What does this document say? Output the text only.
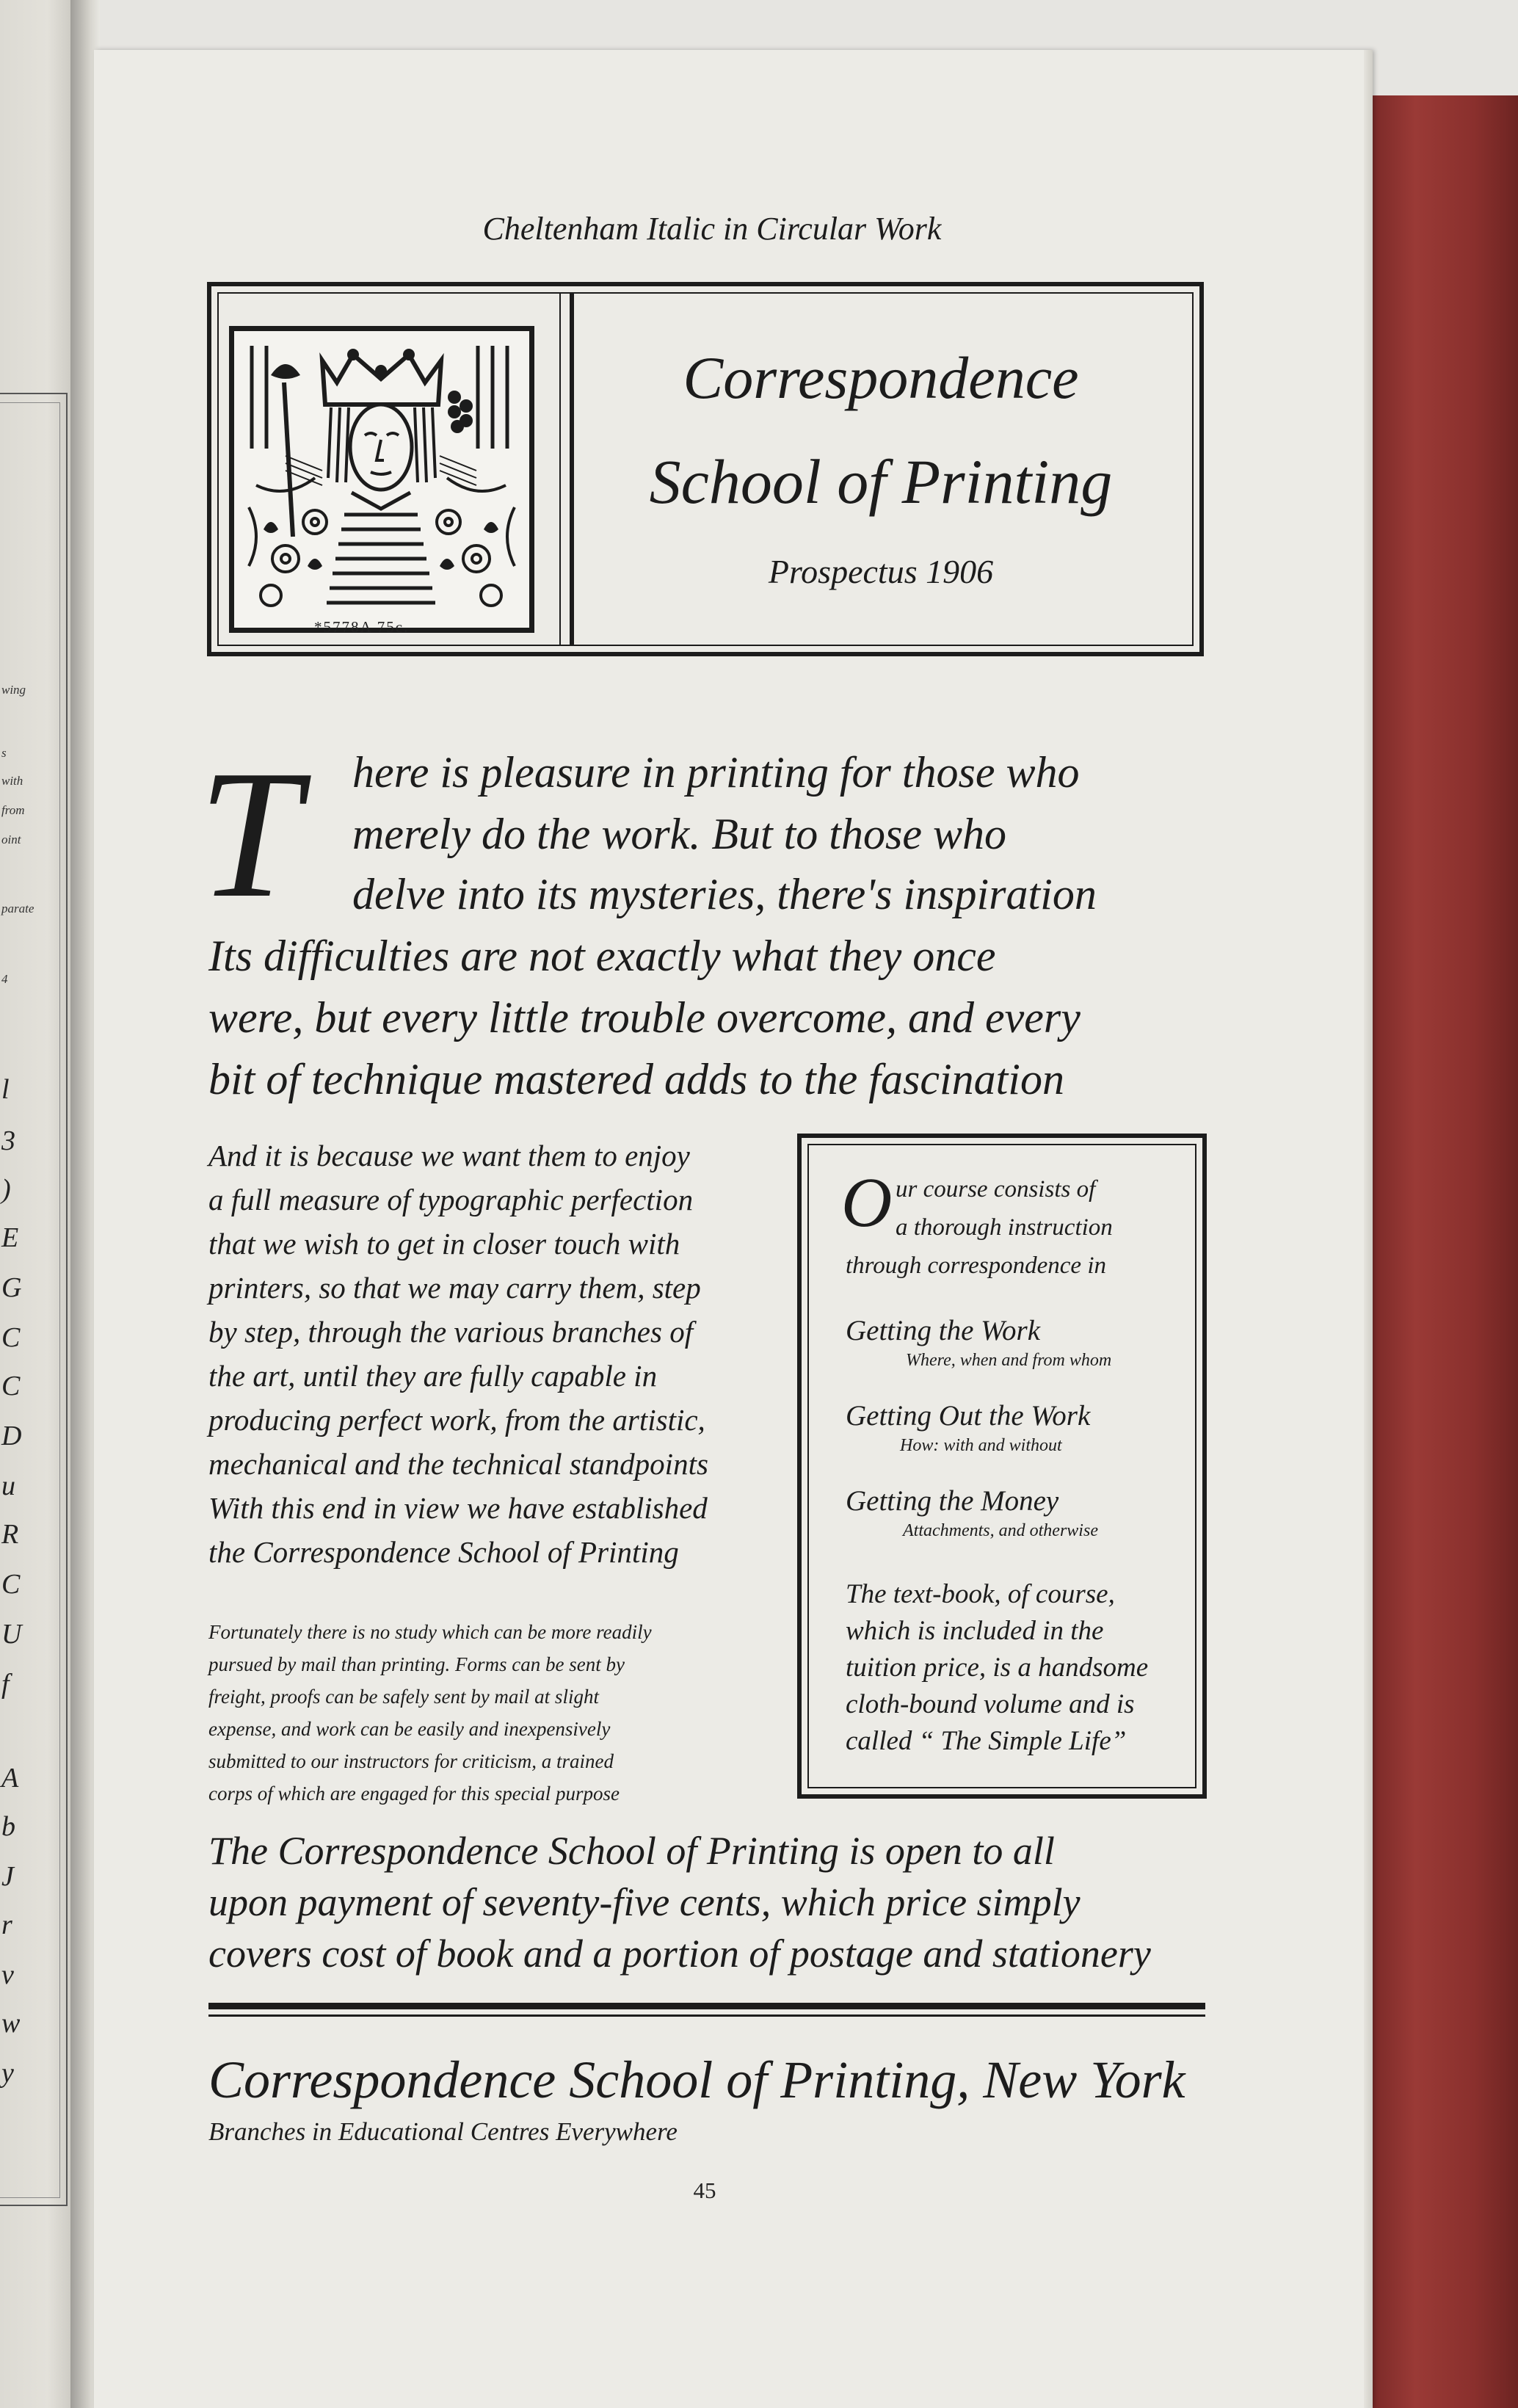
wing
s
with
from
oint
parate
4
l
3
)
E
G
C
C
D
u
R
C
U
f
A
b
J
r
v
w
y
Cheltenham Italic in Circular Work
*5778A 75c.
Correspondence
School of Printing
Prospectus 1906
T here is pleasure in printing for those who
merely do the work. But to those who
delve into its mysteries, there's inspiration
Its difficulties are not exactly what they once
were, but every little trouble overcome, and every
bit of technique mastered adds to the fascination
And it is because we want them to enjoy
a full measure of typographic perfection
that we wish to get in closer touch with
printers, so that we may carry them, step
by step, through the various branches of
the art, until they are fully capable in
producing perfect work, from the artistic,
mechanical and the technical standpoints
With this end in view we have established
the Correspondence School of Printing
Fortunately there is no study which can be more readily
pursued by mail than printing. Forms can be sent by
freight, proofs can be safely sent by mail at slight
expense, and work can be easily and inexpensively
submitted to our instructors for criticism, a trained
corps of which are engaged for this special purpose
O ur course consists of
a thorough instruction
through correspondence in
Getting the Work
Where, when and from whom
Getting Out the Work
How: with and without
Getting the Money
Attachments, and otherwise
The text-book, of course,
which is included in the
tuition price, is a handsome
cloth-bound volume and is
called “ The Simple Life”
The Correspondence School of Printing is open to all
upon payment of seventy-five cents, which price simply
covers cost of book and a portion of postage and stationery
Correspondence School of Printing, New York
Branches in Educational Centres Everywhere
45
